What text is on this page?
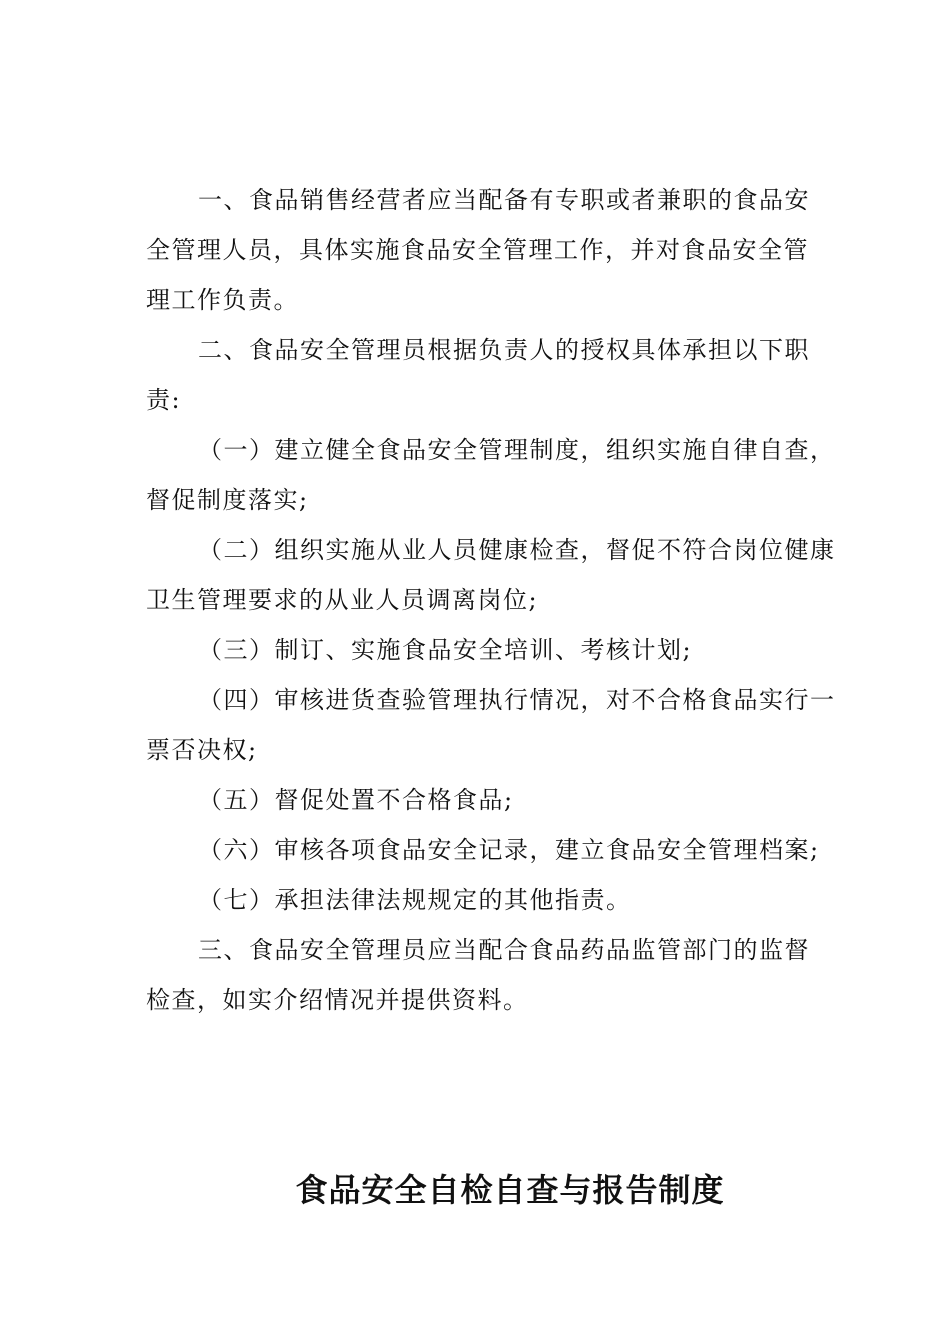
一、食品销售经营者应当配备有专职或者兼职的食品安
全管理人员，具体实施食品安全管理工作，并对食品安全管
理工作负责。
二、食品安全管理员根据负责人的授权具体承担以下职
责:
（一）建立健全食品安全管理制度，组织实施自律自查，
督促制度落实;
（二）组织实施从业人员健康检查，督促不符合岗位健康
卫生管理要求的从业人员调离岗位;
（三）制订、实施食品安全培训、考核计划;
（四）审核进货查验管理执行情况，对不合格食品实行一
票否决权;
（五）督促处置不合格食品;
（六）审核各项食品安全记录，建立食品安全管理档案;
（七）承担法律法规规定的其他指责。
三、食品安全管理员应当配合食品药品监管部门的监督
检查，如实介绍情况并提供资料。
食品安全自检自查与报告制度
